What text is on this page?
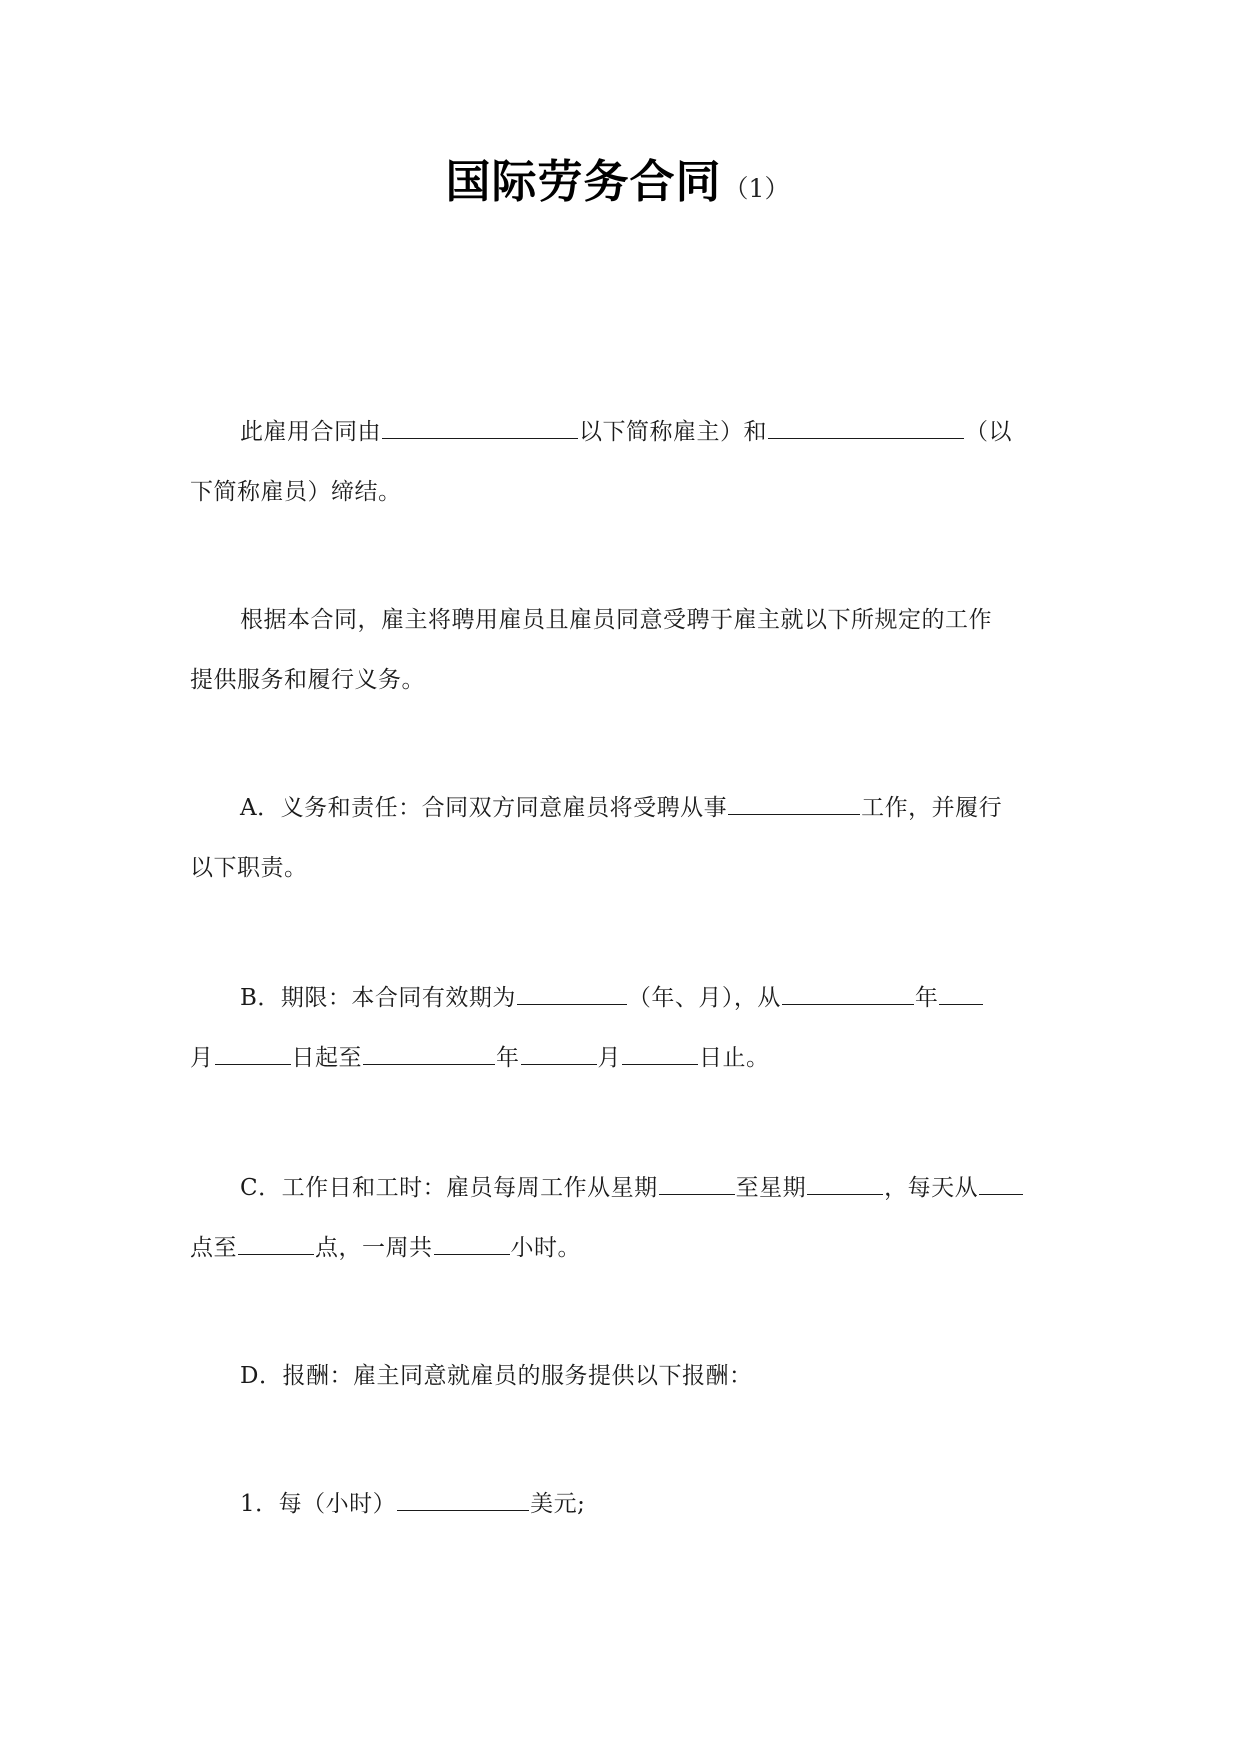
国际劳务合同（1）
此雇用合同由	以下简称雇主）和	（以
下简称雇员）缔结。
根据本合同，雇主将聘用雇员且雇员同意受聘于雇主就以下所规定的工作
提供服务和履行义务。
A．义务和责任：合同双方同意雇员将受聘从事	工作，并履行
以下职责。
B．期限：本合同有效期为	（年、月），从	年
月	日起至	年	月	日止。
C．工作日和工时：雇员每周工作从星期	至星期	，每天从
点至	点，一周共	小时。
D．报酬：雇主同意就雇员的服务提供以下报酬：
1．每（小时）	美元;
